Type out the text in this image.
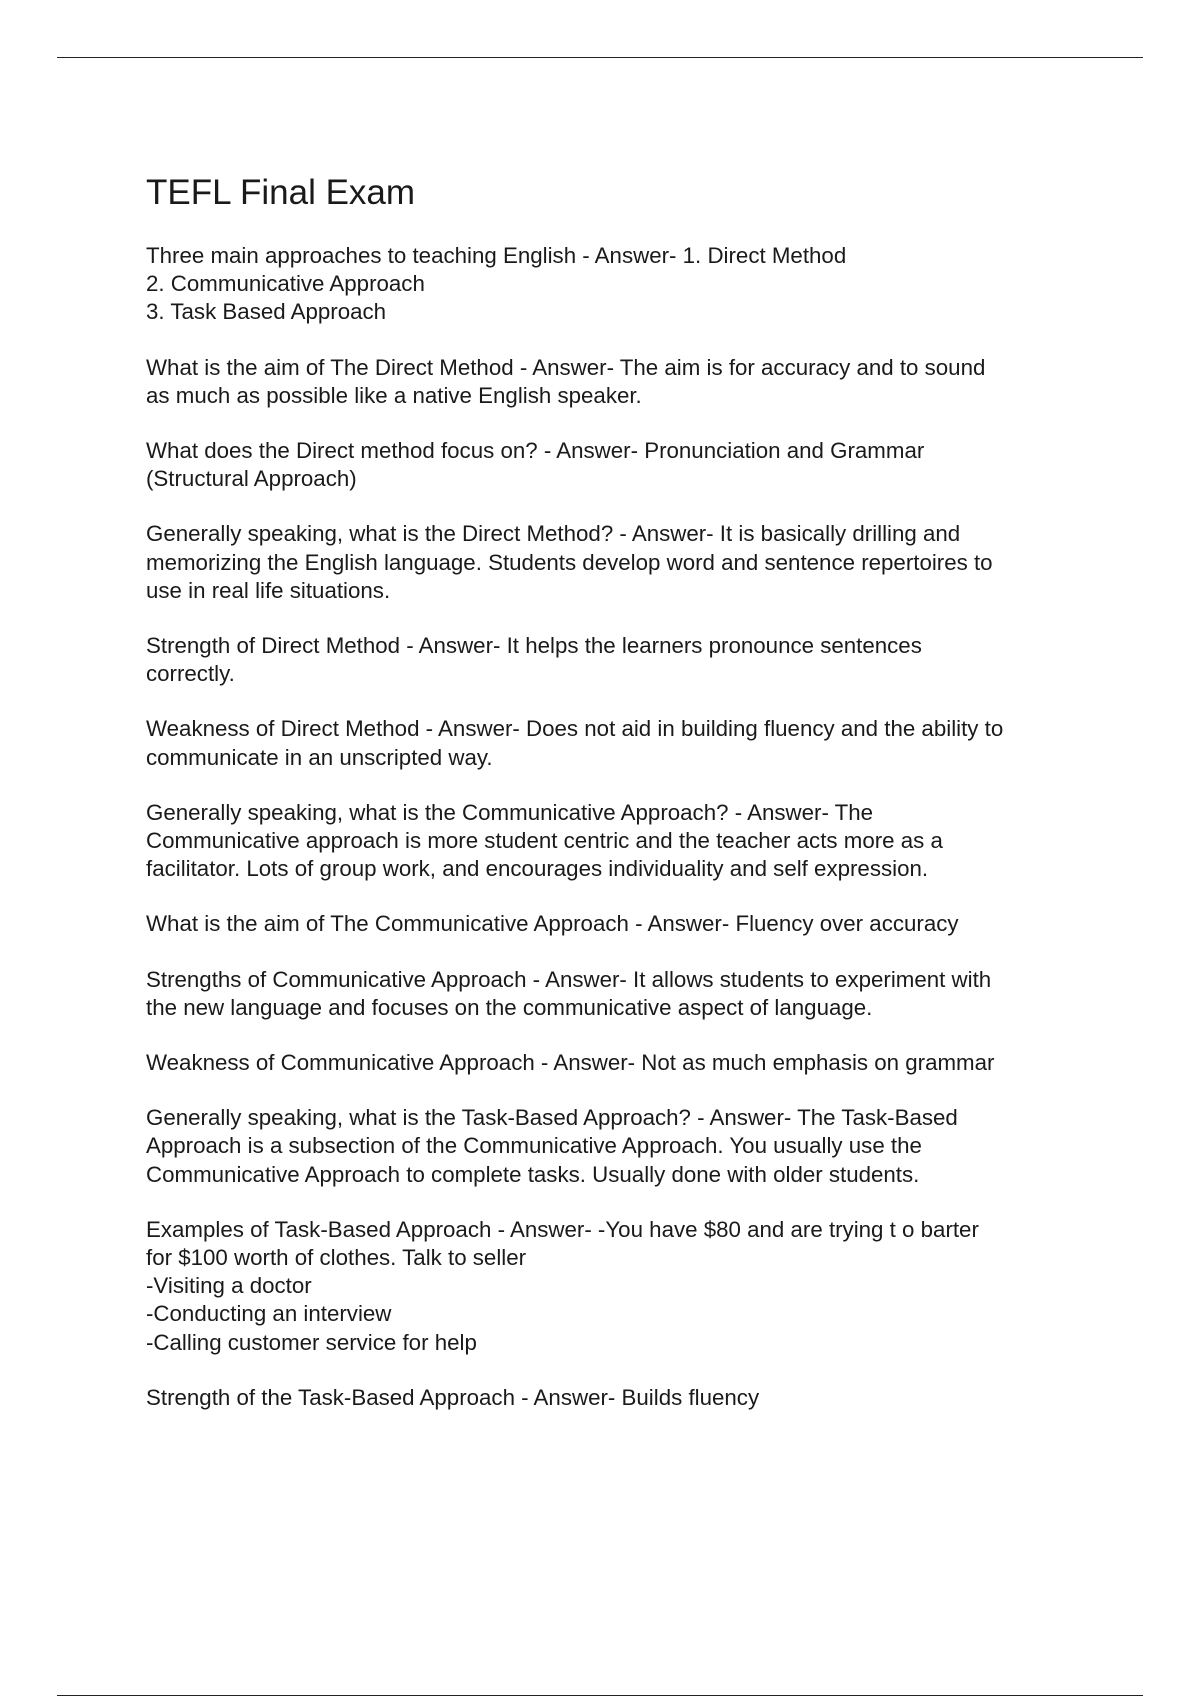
TEFL Final Exam
Three main approaches to teaching English - Answer- 1. Direct Method
2. Communicative Approach
3. Task Based Approach
What is the aim of The Direct Method - Answer- The aim is for accuracy and to sound
as much as possible like a native English speaker.
What does the Direct method focus on? - Answer- Pronunciation and Grammar
(Structural Approach)
Generally speaking, what is the Direct Method? - Answer- It is basically drilling and
memorizing the English language. Students develop word and sentence repertoires to
use in real life situations.
Strength of Direct Method - Answer- It helps the learners pronounce sentences
correctly.
Weakness of Direct Method - Answer- Does not aid in building fluency and the ability to
communicate in an unscripted way.
Generally speaking, what is the Communicative Approach? - Answer- The
Communicative approach is more student centric and the teacher acts more as a
facilitator. Lots of group work, and encourages individuality and self expression.
What is the aim of The Communicative Approach - Answer- Fluency over accuracy
Strengths of Communicative Approach - Answer- It allows students to experiment with
the new language and focuses on the communicative aspect of language.
Weakness of Communicative Approach - Answer- Not as much emphasis on grammar
Generally speaking, what is the Task-Based Approach? - Answer- The Task-Based
Approach is a subsection of the Communicative Approach. You usually use the
Communicative Approach to complete tasks. Usually done with older students.
Examples of Task-Based Approach - Answer- -You have $80 and are trying t o barter
for $100 worth of clothes. Talk to seller
-Visiting a doctor
-Conducting an interview
-Calling customer service for help
Strength of the Task-Based Approach - Answer- Builds fluency
